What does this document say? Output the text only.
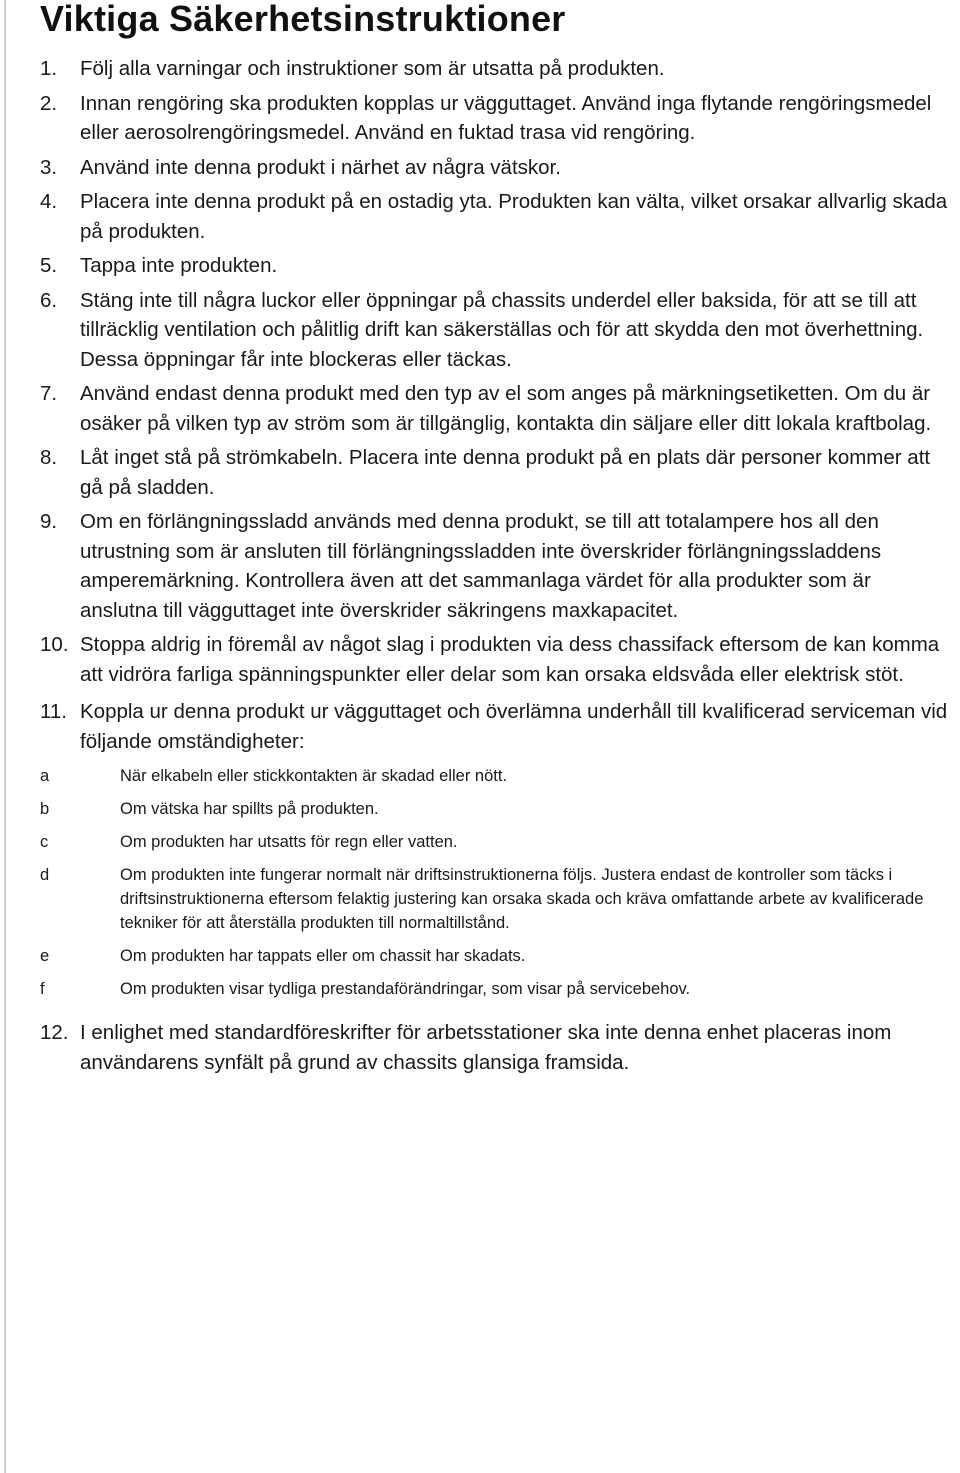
Viktiga Säkerhetsinstruktioner
1.	Följ alla varningar och instruktioner som är utsatta på produkten.
2.	Innan rengöring ska produkten kopplas ur vägguttaget. Använd inga flytande rengöringsmedel eller aerosolrengöringsmedel. Använd en fuktad trasa vid rengöring.
3.	Använd inte denna produkt i närhet av några vätskor.
4.	Placera inte denna produkt på en ostadig yta. Produkten kan välta, vilket orsakar allvarlig skada på produkten.
5.	Tappa inte produkten.
6.	Stäng inte till några luckor eller öppningar på chassits underdel eller baksida, för att se till att tillräcklig ventilation och pålitlig drift kan säkerställas och för att skydda den mot överhettning. Dessa öppningar får inte blockeras eller täckas.
7.	Använd endast denna produkt med den typ av el som anges på märkningsetiketten. Om du är osäker på vilken typ av ström som är tillgänglig, kontakta din säljare eller ditt lokala kraftbolag.
8.	Låt inget stå på strömkabeln. Placera inte denna produkt på en plats där personer kommer att gå på sladden.
9.	Om en förlängningssladd används med denna produkt, se till att totalampere hos all den utrustning som är ansluten till förlängningssladden inte överskrider förlängningssladdens amperemärkning. Kontrollera även att det sammanlaga värdet för alla produkter som är anslutna till vägguttaget inte överskrider säkringens maxkapacitet.
10. Stoppa aldrig in föremål av något slag i produkten via dess chassifack eftersom de kan komma att vidröra farliga spänningspunkter eller delar som kan orsaka eldsvåda eller elektrisk stöt.
11. Koppla ur denna produkt ur vägguttaget och överlämna underhåll till kvalificerad serviceman vid följande omständigheter:
a	När elkabeln eller stickkontakten är skadad eller nött.
b	Om vätska har spillts på produkten.
c	Om produkten har utsatts för regn eller vatten.
d	Om produkten inte fungerar normalt när driftsinstruktionerna följs. Justera endast de kontroller som täcks i driftsinstruktionerna eftersom felaktig justering kan orsaka skada och kräva omfattande arbete av kvalificerade tekniker för att återställa produkten till normaltillstånd.
e	Om produkten har tappats eller om chassit har skadats.
f	Om produkten visar tydliga prestandaförändringar, som visar på servicebehov.
12. I enlighet med standardföreskrifter för arbetsstationer ska inte denna enhet placeras inom användarens synfält på grund av chassits glansiga framsida.
